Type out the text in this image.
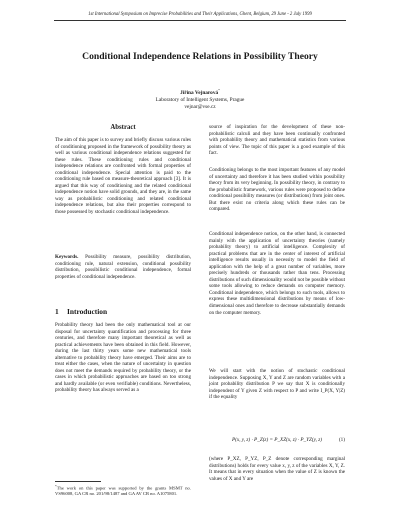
1st International Symposium on Imprecise Probabilities and Their Applications, Ghent, Belgium, 29 June - 2 July 1999
Conditional Independence Relations in Possibility Theory
Jiřina Vejnarová*
Laboratory of Intelligent Systems, Prague
vejnar@vse.cz
Abstract

The aim of this paper is to survey and briefly discuss various rules of conditioning proposed in the framework of possibility theory as well as various conditional independence relations suggested for these rules. These conditioning rules and conditional independence relations are confronted with formal properties of conditional independence. Special attention is paid to the conditioning rule based on measure-theoretical approach [3]. It is argued that this way of conditioning and the related conditional independence notion have solid grounds, and they are, in the same way as probabilistic conditioning and related conditional independence relations, but also their properties correspond to those possessed by stochastic conditional independence.

Keywords. Possibility measure, possibility distribution, conditioning rule, natural extension, conditional possibility distribution, possibilistic conditional independence, formal properties of conditional independence.

1 Introduction

Probability theory had been the only mathematical tool at our disposal for uncertainty quantification and processing for three centuries, and therefore many important theoretical as well as practical achievements have been obtained in this field. However, during the last thirty years some new mathematical tools alternative to probability theory have emerged. Their aims are to treat either the cases, when the nature of uncertainty in question does not meet the demands required by probability theory, or the cases in which probabilistic approaches are based on too strong and hardly available (or even verifiable) conditions. Nevertheless, probability theory has always served as a

*The work on this paper was supported by the grants MSMT no. VS96008, GA CR no. 201/98/1487 and GA AV CR no. A1075801.

source of inspiration for the development of these non-probabilistic calculi and they have been continually confronted with probability theory and mathematical statistics from various points of view. The topic of this paper is a good example of this fact.

Conditioning belongs to the most important features of any model of uncertainty and therefore it has been studied within possibility theory from its very beginning. In possibility theory, in contrary to the probabilistic framework, various rules were proposed to define conditional possibility measures (or distributions) from joint ones. But there exist no criteria along which these rules can be compared.

Conditional independence notion, on the other hand, is connected mainly with the application of uncertainty theories (namely probability theory) to artificial intelligence. Complexity of practical problems that are in the center of interest of artificial intelligence results usually in necessity to model the field of application with the help of a great number of variables, more precisely hundreds or thousands rather than tens. Processing distributions of such dimensionality would not be possible without some tools allowing to reduce demands on computer memory. Conditional independence, which belongs to such tools, allows to express these multidimensional distributions by means of low-dimensional ones and therefore to decrease substantially demands on the computer memory.

We will start with the notion of stochastic conditional independence. Supposing X, Y and Z are random variables with a joint probability distribution P we say that X is conditionally independent of Y given Z with respect to P and write I_P(X, Y|Z) if the equality

P(x, y, z) · P_Z(z) = P_XZ(x, z) · P_YZ(y, z)	(1)

(where P_XZ, P_YZ, P_Z denote corresponding marginal distributions) holds for every value x, y, z of the variables X, Y, Z. It means that in every situation when the value of Z is known the values of X and Y are
